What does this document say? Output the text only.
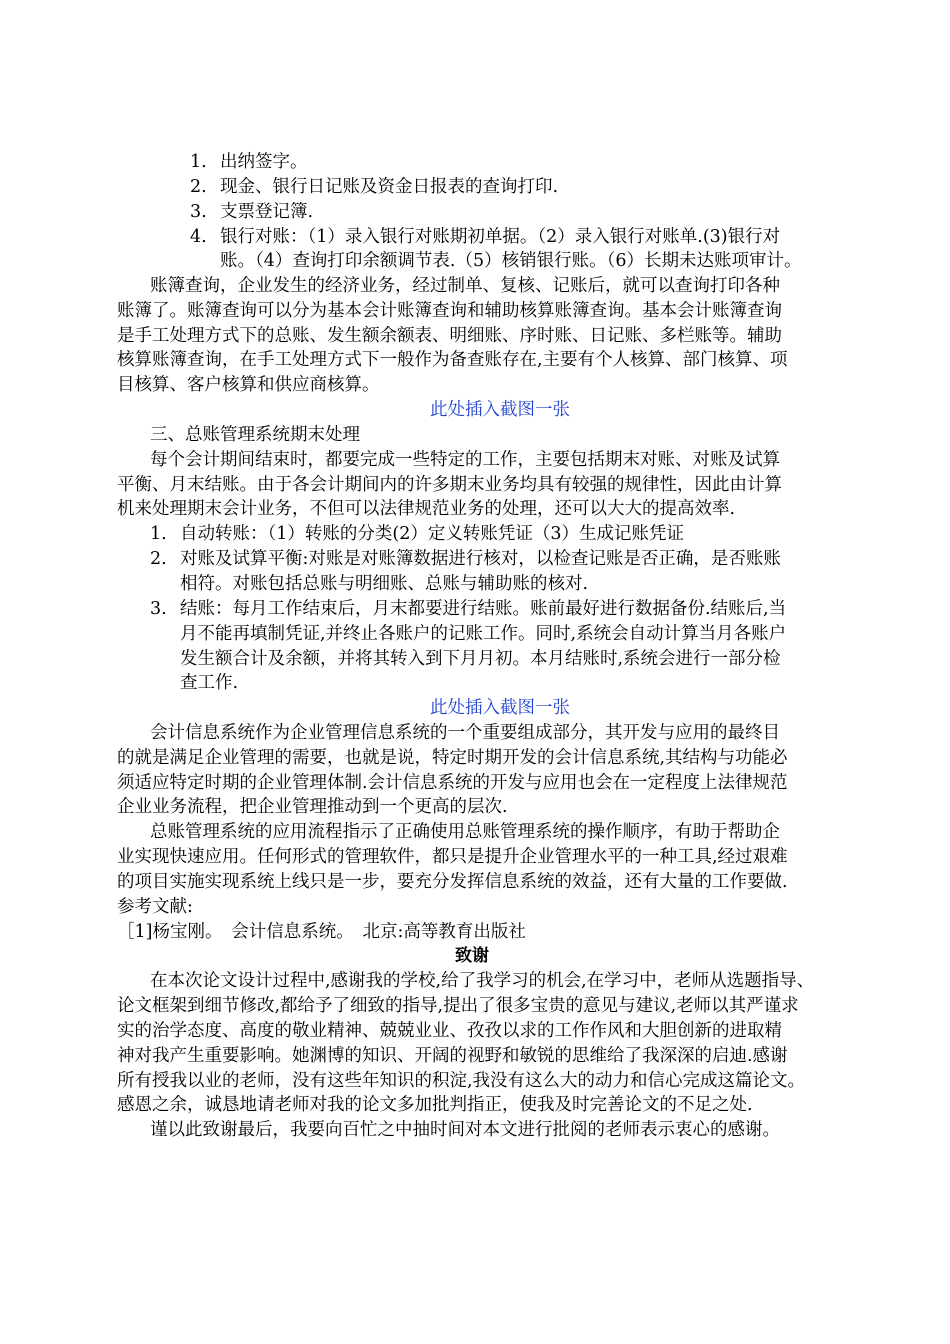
1. 出纳签字。
2. 现金、银行日记账及资金日报表的查询打印.
3. 支票登记簿.
4. 银行对账：（1）录入银行对账期初单据。（2）录入银行对账单.(3)银行对
账。（4）查询打印余额调节表.（5）核销银行账。（6）长期未达账项审计。
账簿查询，企业发生的经济业务，经过制单、复核、记账后，就可以查询打印各种
账簿了。账簿查询可以分为基本会计账簿查询和辅助核算账簿查询。基本会计账簿查询
是手工处理方式下的总账、发生额余额表、明细账、序时账、日记账、多栏账等。辅助
核算账簿查询，在手工处理方式下一般作为备查账存在,主要有个人核算、部门核算、项
目核算、客户核算和供应商核算。
此处插入截图一张
三、总账管理系统期末处理
每个会计期间结束时，都要完成一些特定的工作，主要包括期末对账、对账及试算
平衡、月末结账。由于各会计期间内的许多期末业务均具有较强的规律性，因此由计算
机来处理期末会计业务，不但可以法律规范业务的处理，还可以大大的提高效率.
1. 自动转账：（1）转账的分类(2）定义转账凭证（3）生成记账凭证
2. 对账及试算平衡:对账是对账簿数据进行核对，以检查记账是否正确，是否账账
相符。对账包括总账与明细账、总账与辅助账的核对.
3. 结账：每月工作结束后，月末都要进行结账。账前最好进行数据备份.结账后,当
月不能再填制凭证,并终止各账户的记账工作。同时,系统会自动计算当月各账户
发生额合计及余额，并将其转入到下月月初。本月结账时,系统会进行一部分检
查工作.
此处插入截图一张
会计信息系统作为企业管理信息系统的一个重要组成部分，其开发与应用的最终目
的就是满足企业管理的需要，也就是说，特定时期开发的会计信息系统,其结构与功能必
须适应特定时期的企业管理体制.会计信息系统的开发与应用也会在一定程度上法律规范
企业业务流程，把企业管理推动到一个更高的层次.
总账管理系统的应用流程指示了正确使用总账管理系统的操作顺序，有助于帮助企
业实现快速应用。任何形式的管理软件，都只是提升企业管理水平的一种工具,经过艰难
的项目实施实现系统上线只是一步，要充分发挥信息系统的效益，还有大量的工作要做.
参考文献:
［1]杨宝刚。　会计信息系统。　北京:高等教育出版社
致谢
在本次论文设计过程中,感谢我的学校,给了我学习的机会,在学习中，老师从选题指导、
论文框架到细节修改,都给予了细致的指导,提出了很多宝贵的意见与建议,老师以其严谨求
实的治学态度、高度的敬业精神、兢兢业业、孜孜以求的工作作风和大胆创新的进取精
神对我产生重要影响。她渊博的知识、开阔的视野和敏锐的思维给了我深深的启迪.感谢
所有授我以业的老师，没有这些年知识的积淀,我没有这么大的动力和信心完成这篇论文。
感恩之余，诚恳地请老师对我的论文多加批判指正，使我及时完善论文的不足之处.
谨以此致谢最后，我要向百忙之中抽时间对本文进行批阅的老师表示衷心的感谢。
